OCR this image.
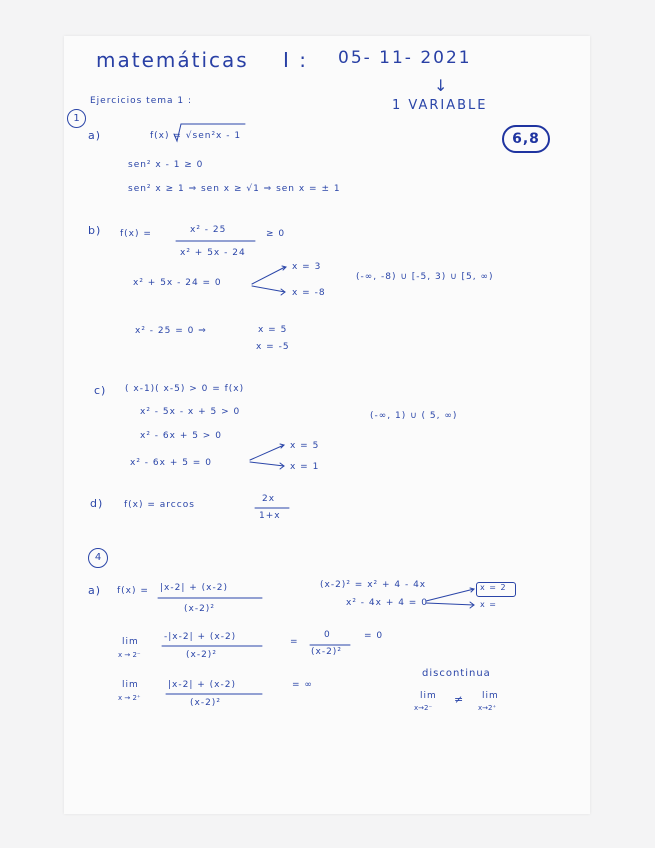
matemáticas I : 05- 11- 2021
↓
1 VARIABLE
6,8
Ejercicios tema 1 :
1
a)	f(x) = √sen²x - 1
sen² x - 1 ≥ 0
sen² x ≥ 1 ⇒ sen x ≥ √1 ⇒ sen x = ± 1
b) f(x) =	x² - 25
x² + 5x - 24
≥ 0
x² + 5x - 24 = 0
x = 3
x = -8
(-∞, -8) ∪ [-5, 3) ∪ [5, ∞)
x² - 25 = 0 ⇒	x = 5
x = -5
c) ( x-1)( x-5) > 0 = f(x)
x² - 5x - x + 5 > 0
x² - 6x + 5 > 0
x² - 6x + 5 = 0
x = 5
x = 1
(-∞, 1) ∪ ( 5, ∞)
d) f(x) = arccos
2x
1+x
4
a) f(x) = |x-2| + (x-2)
(x-2)²
(x-2)² = x² + 4 - 4x
x² - 4x + 4 = 0
x = 2
x =
lim
x → 2⁻
-|x-2| + (x-2)
(x-2)²
=
0
(x-2)²
= 0
lim
x → 2⁺
|x-2| + (x-2)
(x-2)²
= ∞
discontinua
lim
x→2⁻
≠ lim
x→2⁺
